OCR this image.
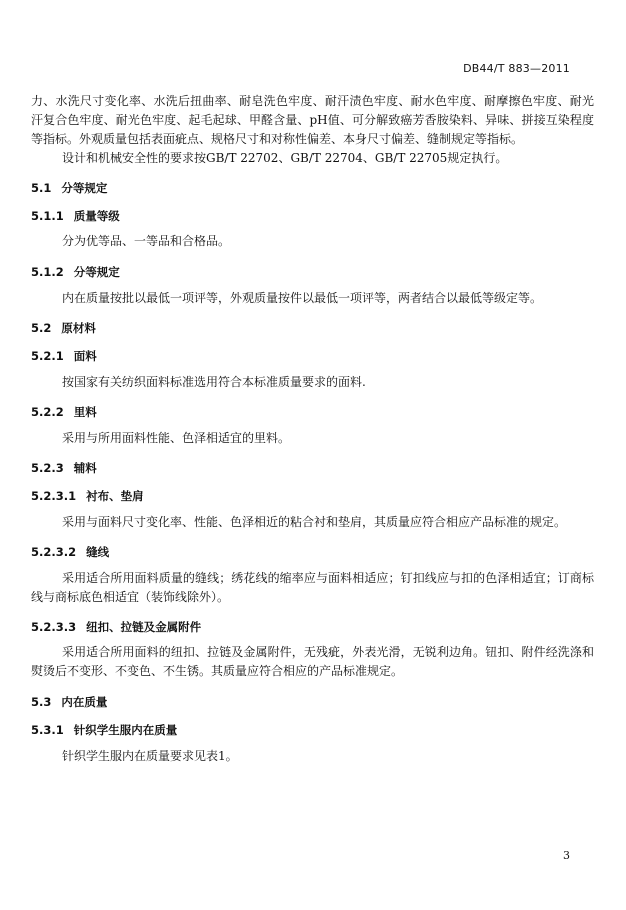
DB44/T 883—2011

力、水洗尺寸变化率、水洗后扭曲率、耐皂洗色牢度、耐汗渍色牢度、耐水色牢度、耐摩擦色牢度、耐光汗复合色牢度、耐光色牢度、起毛起球、甲醛含量、pH值、可分解致癌芳香胺染料、异味、拼接互染程度等指标。外观质量包括表面疵点、规格尺寸和对称性偏差、本身尺寸偏差、缝制规定等指标。

设计和机械安全性的要求按GB/T 22702、GB/T 22704、GB/T 22705规定执行。

5.1 分等规定
5.1.1 质量等级

分为优等品、一等品和合格品。

5.1.2 分等规定

内在质量按批以最低一项评等，外观质量按件以最低一项评等，两者结合以最低等级定等。

5.2 原材料
5.2.1 面料

按国家有关纺织面料标准选用符合本标准质量要求的面料.

5.2.2 里料

采用与所用面料性能、色泽相适宜的里料。

5.2.3 辅料
5.2.3.1 衬布、垫肩

采用与面料尺寸变化率、性能、色泽相近的粘合衬和垫肩，其质量应符合相应产品标准的规定。

5.2.3.2 缝线

采用适合所用面料质量的缝线；绣花线的缩率应与面料相适应；钉扣线应与扣的色泽相适宜；订商标线与商标底色相适宜（装饰线除外）。

5.2.3.3 纽扣、拉链及金属附件

采用适合所用面料的纽扣、拉链及金属附件，无残疵，外表光滑，无锐利边角。钮扣、附件经洗涤和熨烫后不变形、不变色、不生锈。其质量应符合相应的产品标准规定。

5.3 内在质量
5.3.1 针织学生服内在质量

针织学生服内在质量要求见表1。

3
